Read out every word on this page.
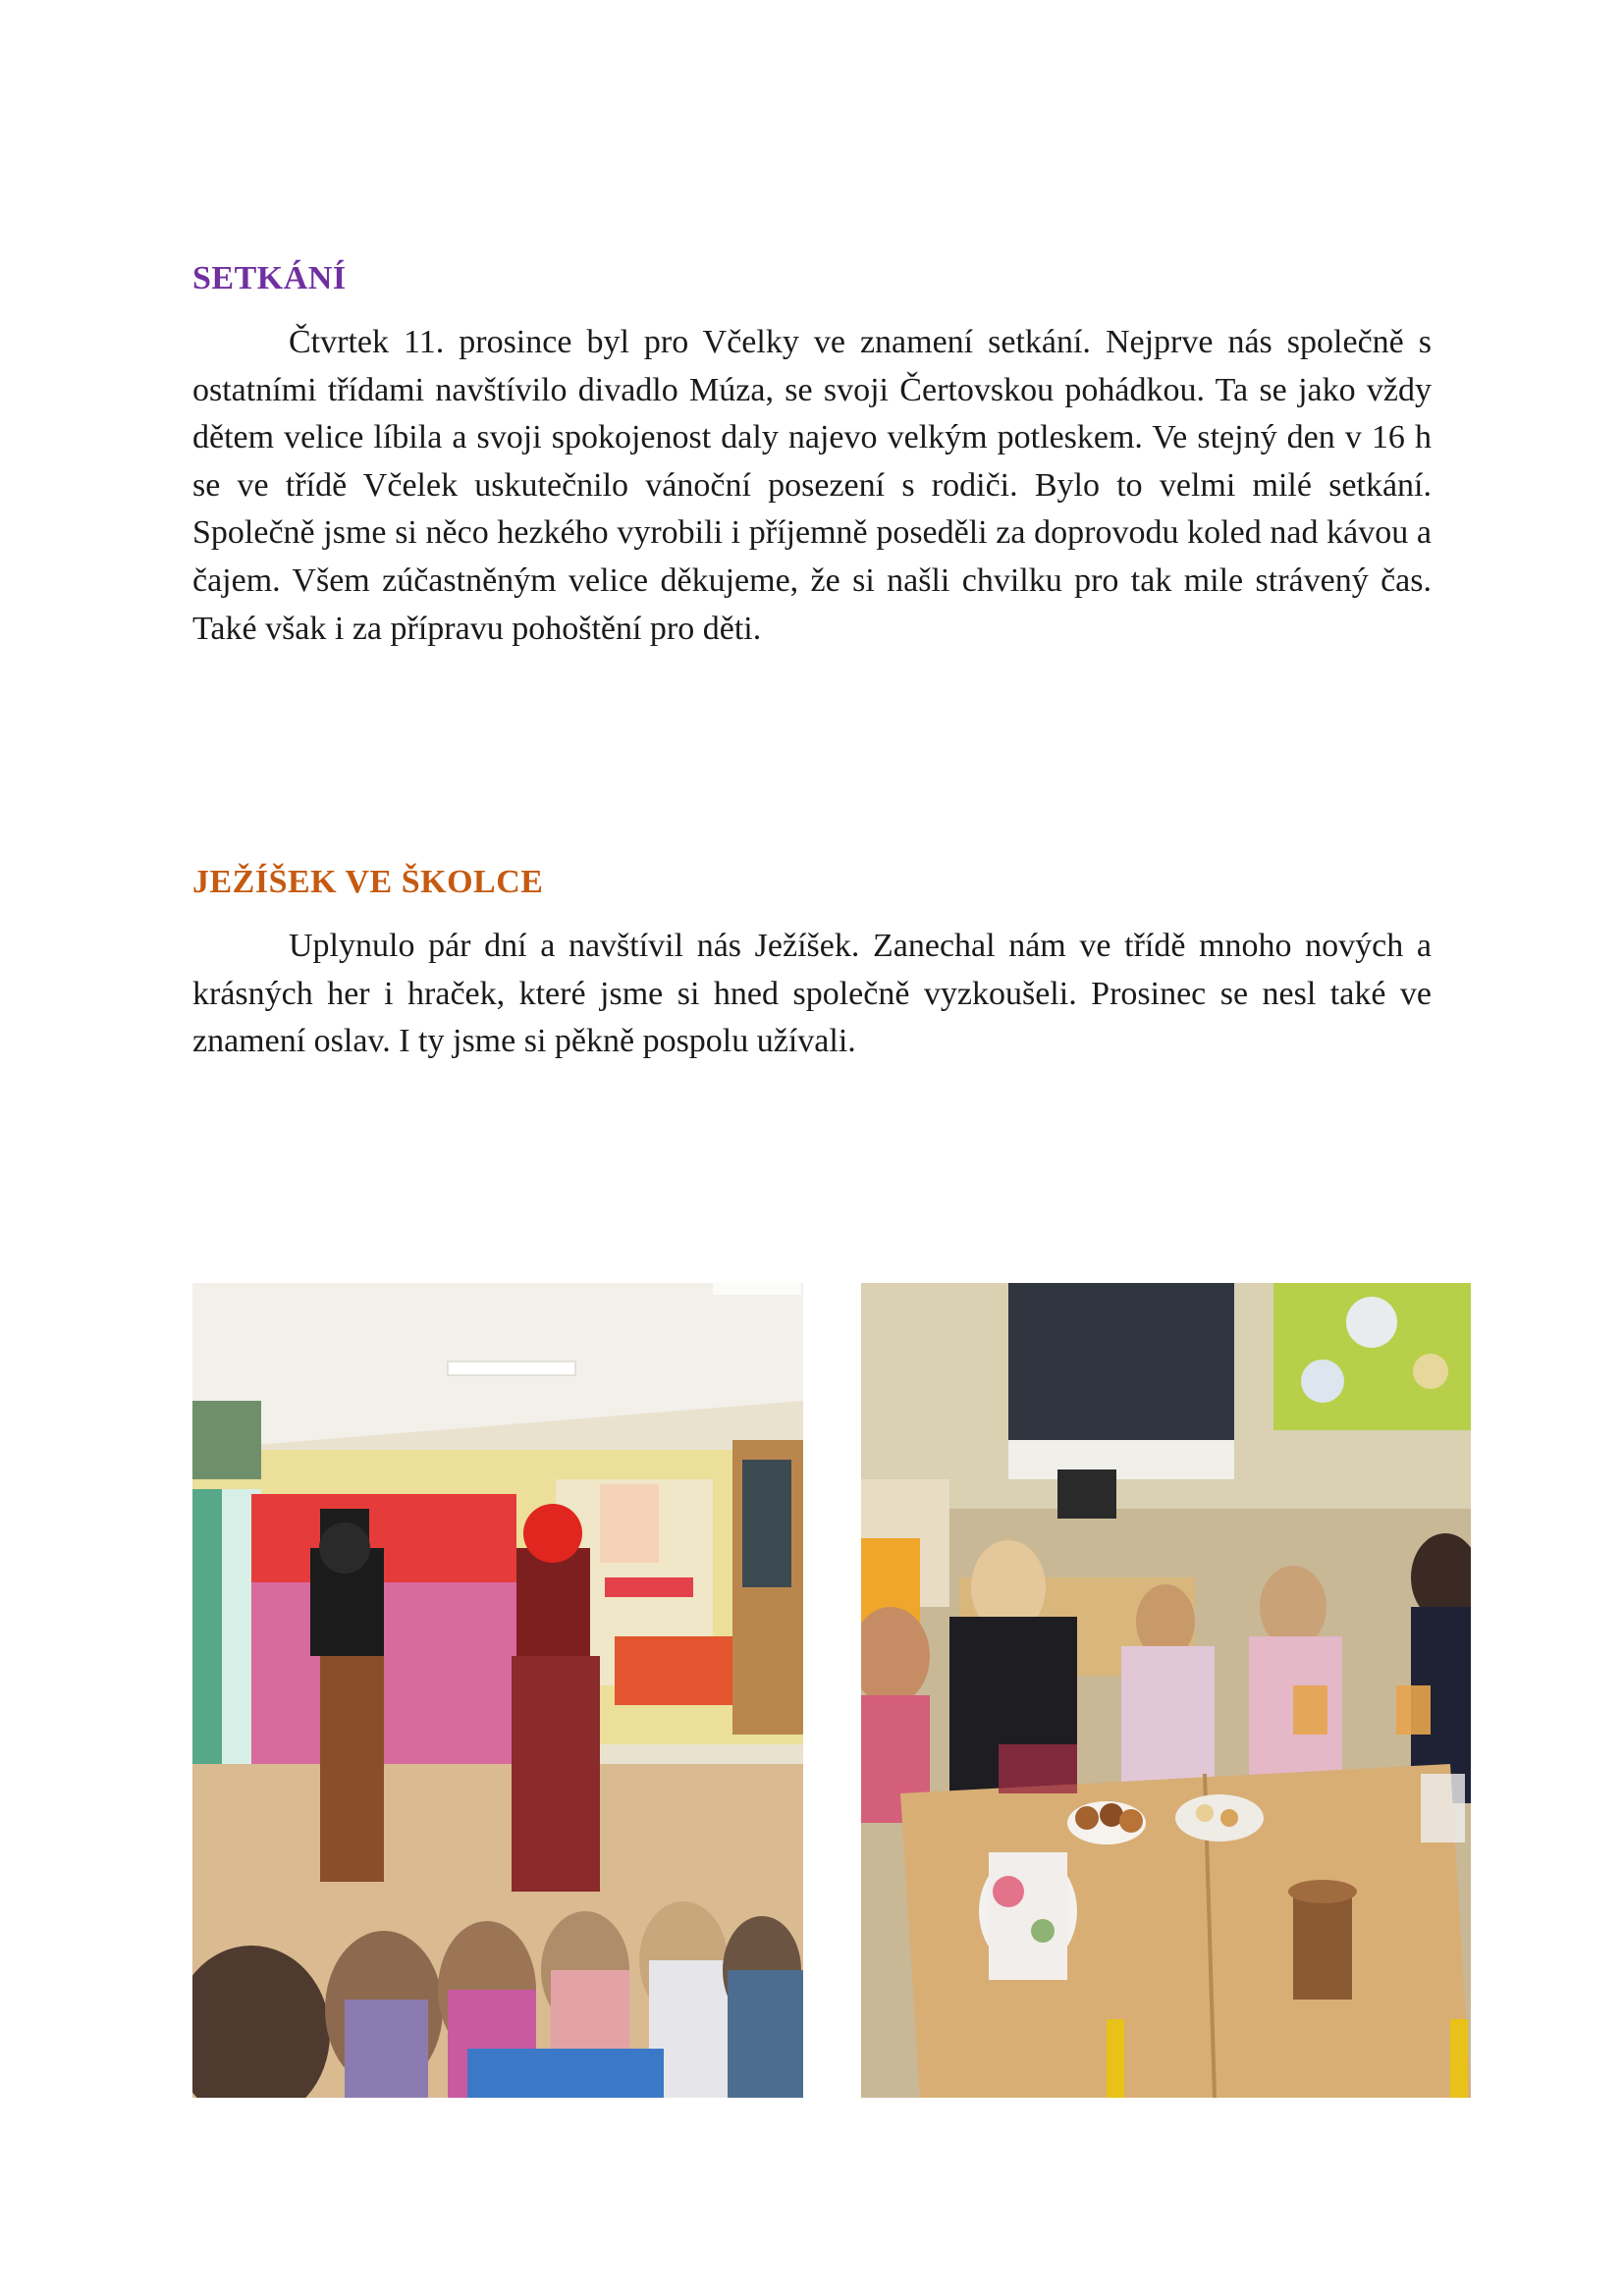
SETKÁNÍ

Čtvrtek 11. prosince byl pro Včelky ve znamení setkání. Nejprve nás společně s ostatními třídami navštívilo divadlo Múza, se svoji Čertovskou pohádkou. Ta se jako vždy dětem velice líbila a svoji spokojenost daly najevo velkým potleskem. Ve stejný den v 16 h se ve třídě Včelek uskutečnilo vánoční posezení s rodiči. Bylo to velmi milé setkání. Společně jsme si něco hezkého vyrobili i příjemně poseděli za doprovodu koled nad kávou a čajem. Všem zúčastněným velice děkujeme, že si našli chvilku pro tak mile strávený čas. Také však i za přípravu pohoštění pro děti.

JEŽÍŠEK VE ŠKOLCE

Uplynulo pár dní a navštívil nás Ježíšek. Zanechal nám ve třídě mnoho nových a krásných her i hraček, které jsme si hned společně vyzkoušeli. Prosinec se nesl také ve znamení oslav. I ty jsme si pěkně pospolu užívali.
